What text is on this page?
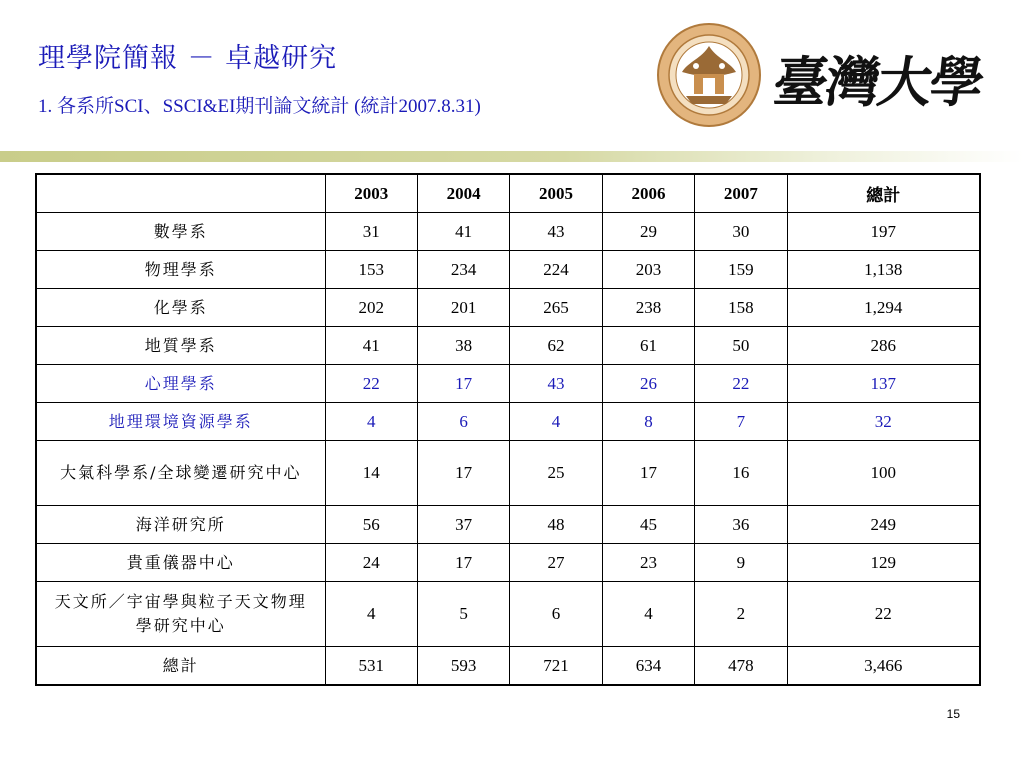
理學院簡報 － 卓越研究
1. 各系所SCI、SSCI&EI期刊論文統計 (統計2007.8.31)	臺灣大學
	2003	2004	2005	2006	2007	總計
數學系	31	41	43	29	30	197
物理學系	153	234	224	203	159	1,138
化學系	202	201	265	238	158	1,294
地質學系	41	38	62	61	50	286
心理學系	22	17	43	26	22	137
地理環境資源學系	4	6	4	8	7	32
大氣科學系/全球變遷研究中心	14	17	25	17	16	100
海洋研究所	56	37	48	45	36	249
貴重儀器中心	24	17	27	23	9	129
天文所／宇宙學與粒子天文物理學研究中心	4	5	6	4	2	22
總計	531	593	721	634	478	3,466
15
